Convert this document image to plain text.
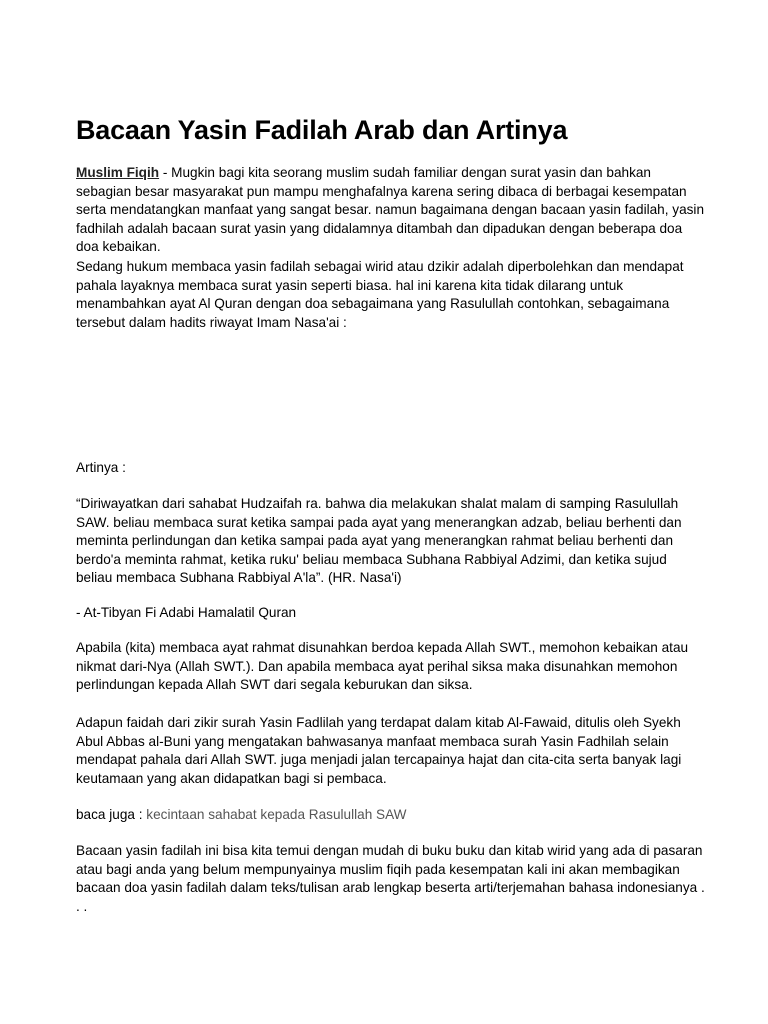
Bacaan Yasin Fadilah Arab dan Artinya

Muslim Fiqih - Mugkin bagi kita seorang muslim sudah familiar dengan surat yasin dan bahkan sebagian besar masyarakat pun mampu menghafalnya karena sering dibaca di berbagai kesempatan serta mendatangkan manfaat yang sangat besar. namun bagaimana dengan bacaan yasin fadilah, yasin fadhilah adalah bacaan surat yasin yang didalamnya ditambah dan dipadukan dengan beberapa doa doa kebaikan.

Sedang hukum membaca yasin fadilah sebagai wirid atau dzikir adalah diperbolehkan dan mendapat pahala layaknya membaca surat yasin seperti biasa. hal ini karena kita tidak dilarang untuk menambahkan ayat Al Quran dengan doa sebagaimana yang Rasulullah contohkan, sebagaimana tersebut dalam hadits riwayat Imam Nasa'ai :

Artinya :

“Diriwayatkan dari sahabat Hudzaifah ra. bahwa dia melakukan shalat malam di samping Rasulullah SAW. beliau membaca surat ketika sampai pada ayat yang menerangkan adzab, beliau berhenti dan meminta perlindungan dan ketika sampai pada ayat yang menerangkan rahmat beliau berhenti dan berdo'a meminta rahmat, ketika ruku' beliau membaca Subhana Rabbiyal Adzimi, dan ketika sujud beliau membaca Subhana Rabbiyal A'la”. (HR. Nasa'i)

- At-Tibyan Fi Adabi Hamalatil Quran

Apabila (kita) membaca ayat rahmat disunahkan berdoa kepada Allah SWT., memohon kebaikan atau nikmat dari-Nya (Allah SWT.). Dan apabila membaca ayat perihal siksa maka disunahkan memohon perlindungan kepada Allah SWT dari segala keburukan dan siksa.

Adapun faidah dari zikir surah Yasin Fadlilah yang terdapat dalam kitab Al-Fawaid, ditulis oleh Syekh Abul Abbas al-Buni yang mengatakan bahwasanya manfaat membaca surah Yasin Fadhilah selain mendapat pahala dari Allah SWT. juga menjadi jalan tercapainya hajat dan cita-cita serta banyak lagi keutamaan yang akan didapatkan bagi si pembaca.

baca juga : kecintaan sahabat kepada Rasulullah SAW

Bacaan yasin fadilah ini bisa kita temui dengan mudah di buku buku dan kitab wirid yang ada di pasaran atau bagi anda yang belum mempunyainya muslim fiqih pada kesempatan kali ini akan membagikan bacaan doa yasin fadilah dalam teks/tulisan arab lengkap beserta arti/terjemahan bahasa indonesianya . . .
